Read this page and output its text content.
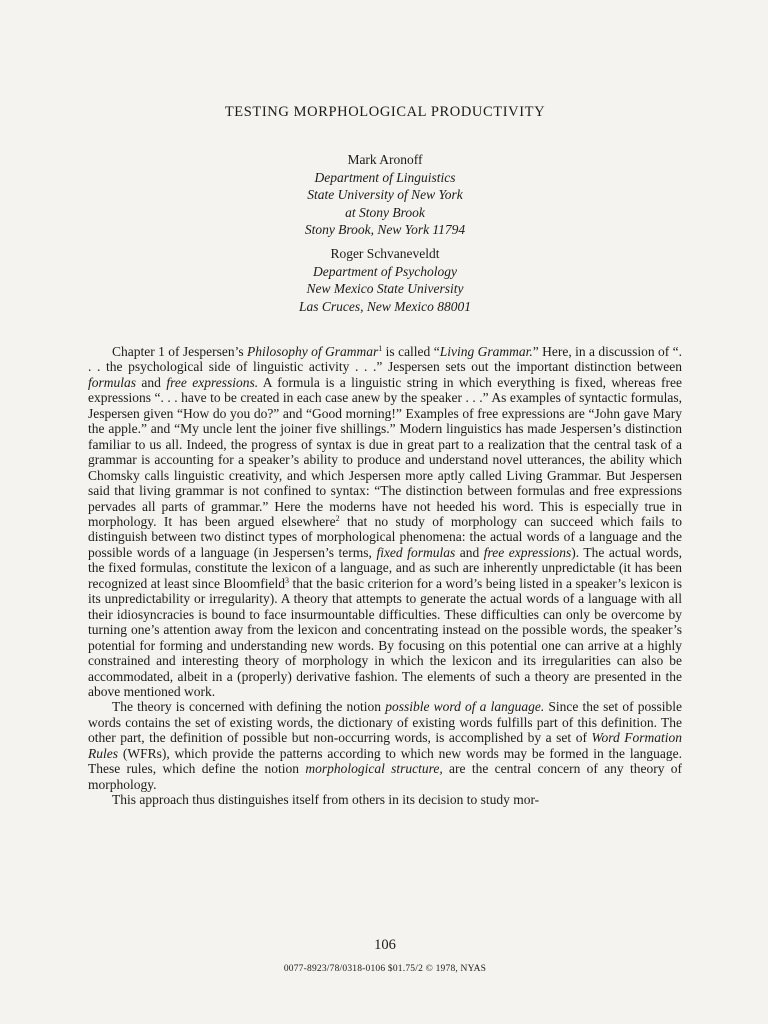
TESTING MORPHOLOGICAL PRODUCTIVITY
Mark Aronoff
Department of Linguistics
State University of New York
at Stony Brook
Stony Brook, New York 11794
Roger Schvaneveldt
Department of Psychology
New Mexico State University
Las Cruces, New Mexico 88001

Chapter 1 of Jespersen’s Philosophy of Grammar$^1$ is called “Living Grammar.” Here, in a discussion of “. . . the psychological side of linguistic activity . . .” Jespersen sets out the important distinction between formulas and free expressions. A formula is a linguistic string in which everything is fixed, whereas free expressions “. . . have to be created in each case anew by the speaker . . .” As examples of syntactic formulas, Jespersen given “How do you do?” and “Good morning!” Examples of free expressions are “John gave Mary the apple.” and “My uncle lent the joiner five shillings.” Modern linguistics has made Jespersen’s distinction familiar to us all. Indeed, the progress of syntax is due in great part to a realization that the central task of a grammar is accounting for a speaker’s ability to produce and understand novel utterances, the ability which Chomsky calls linguistic creativity, and which Jespersen more aptly called Living Grammar. But Jespersen said that living grammar is not confined to syntax: “The distinction between formulas and free expressions pervades all parts of grammar.” Here the moderns have not heeded his word. This is especially true in morphology. It has been argued elsewhere$^2$ that no study of morphology can succeed which fails to distinguish between two distinct types of morphological phenomena: the actual words of a language and the possible words of a language (in Jespersen’s terms, fixed formulas and free expressions). The actual words, the fixed formulas, constitute the lexicon of a language, and as such are inherently unpredictable (it has been recognized at least since Bloomfield$^3$ that the basic criterion for a word’s being listed in a speaker’s lexicon is its unpredictability or irregularity). A theory that attempts to generate the actual words of a language with all their idiosyncracies is bound to face insurmountable difficulties. These difficulties can only be overcome by turning one’s attention away from the lexicon and concentrating instead on the possible words, the speaker’s potential for forming and understanding new words. By focusing on this potential one can arrive at a highly constrained and interesting theory of morphology in which the lexicon and its irregularities can also be accommodated, albeit in a (properly) derivative fashion. The elements of such a theory are presented in the above mentioned work.

The theory is concerned with defining the notion possible word of a language. Since the set of possible words contains the set of existing words, the dictionary of existing words fulfills part of this definition. The other part, the definition of possible but non-occurring words, is accomplished by a set of Word Formation Rules (WFRs), which provide the patterns according to which new words may be formed in the language. These rules, which define the notion morphological structure, are the central concern of any theory of morphology.

This approach thus distinguishes itself from others in its decision to study mor-

106
0077-8923/78/0318-0106 $01.75/2 © 1978, NYAS
